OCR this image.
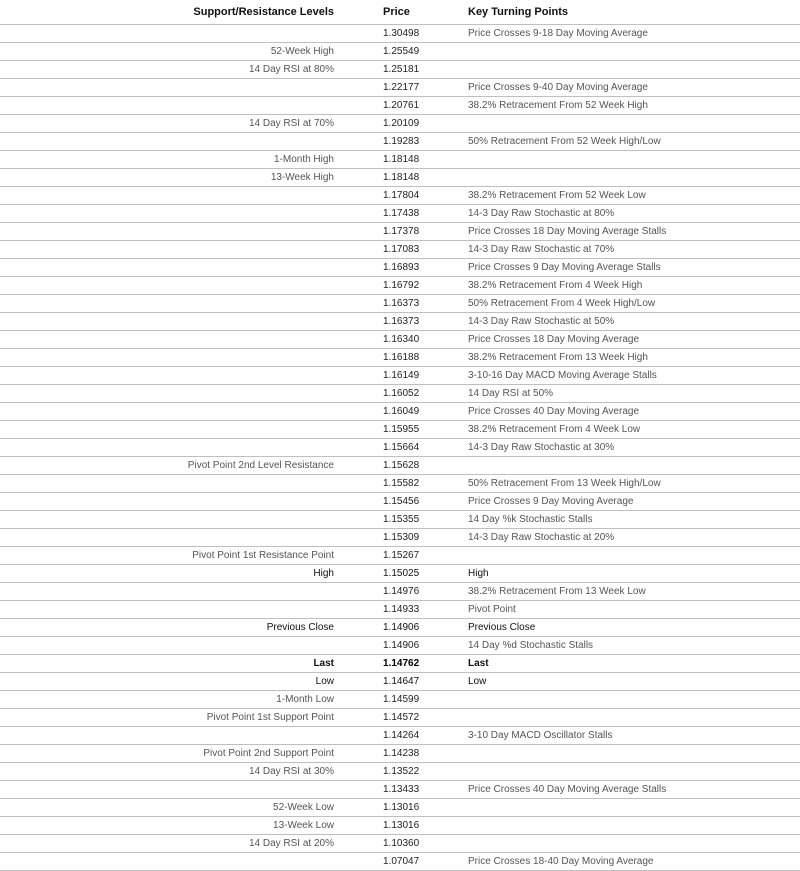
Support/Resistance Levels	Price	Key Turning Points
	1.30498	Price Crosses 9-18 Day Moving Average
52-Week High	1.25549	
14 Day RSI at 80%	1.25181	
	1.22177	Price Crosses 9-40 Day Moving Average
	1.20761	38.2% Retracement From 52 Week High
14 Day RSI at 70%	1.20109	
	1.19283	50% Retracement From 52 Week High/Low
1-Month High	1.18148	
13-Week High	1.18148	
	1.17804	38.2% Retracement From 52 Week Low
	1.17438	14-3 Day Raw Stochastic at 80%
	1.17378	Price Crosses 18 Day Moving Average Stalls
	1.17083	14-3 Day Raw Stochastic at 70%
	1.16893	Price Crosses 9 Day Moving Average Stalls
	1.16792	38.2% Retracement From 4 Week High
	1.16373	50% Retracement From 4 Week High/Low
	1.16373	14-3 Day Raw Stochastic at 50%
	1.16340	Price Crosses 18 Day Moving Average
	1.16188	38.2% Retracement From 13 Week High
	1.16149	3-10-16 Day MACD Moving Average Stalls
	1.16052	14 Day RSI at 50%
	1.16049	Price Crosses 40 Day Moving Average
	1.15955	38.2% Retracement From 4 Week Low
	1.15664	14-3 Day Raw Stochastic at 30%
Pivot Point 2nd Level Resistance	1.15628	
	1.15582	50% Retracement From 13 Week High/Low
	1.15456	Price Crosses 9 Day Moving Average
	1.15355	14 Day %k Stochastic Stalls
	1.15309	14-3 Day Raw Stochastic at 20%
Pivot Point 1st Resistance Point	1.15267	
High	1.15025	High
	1.14976	38.2% Retracement From 13 Week Low
	1.14933	Pivot Point
Previous Close	1.14906	Previous Close
	1.14906	14 Day %d Stochastic Stalls
Last	1.14762	Last
Low	1.14647	Low
1-Month Low	1.14599	
Pivot Point 1st Support Point	1.14572	
	1.14264	3-10 Day MACD Oscillator Stalls
Pivot Point 2nd Support Point	1.14238	
14 Day RSI at 30%	1.13522	
	1.13433	Price Crosses 40 Day Moving Average Stalls
52-Week Low	1.13016	
13-Week Low	1.13016	
14 Day RSI at 20%	1.10360	
	1.07047	Price Crosses 18-40 Day Moving Average
